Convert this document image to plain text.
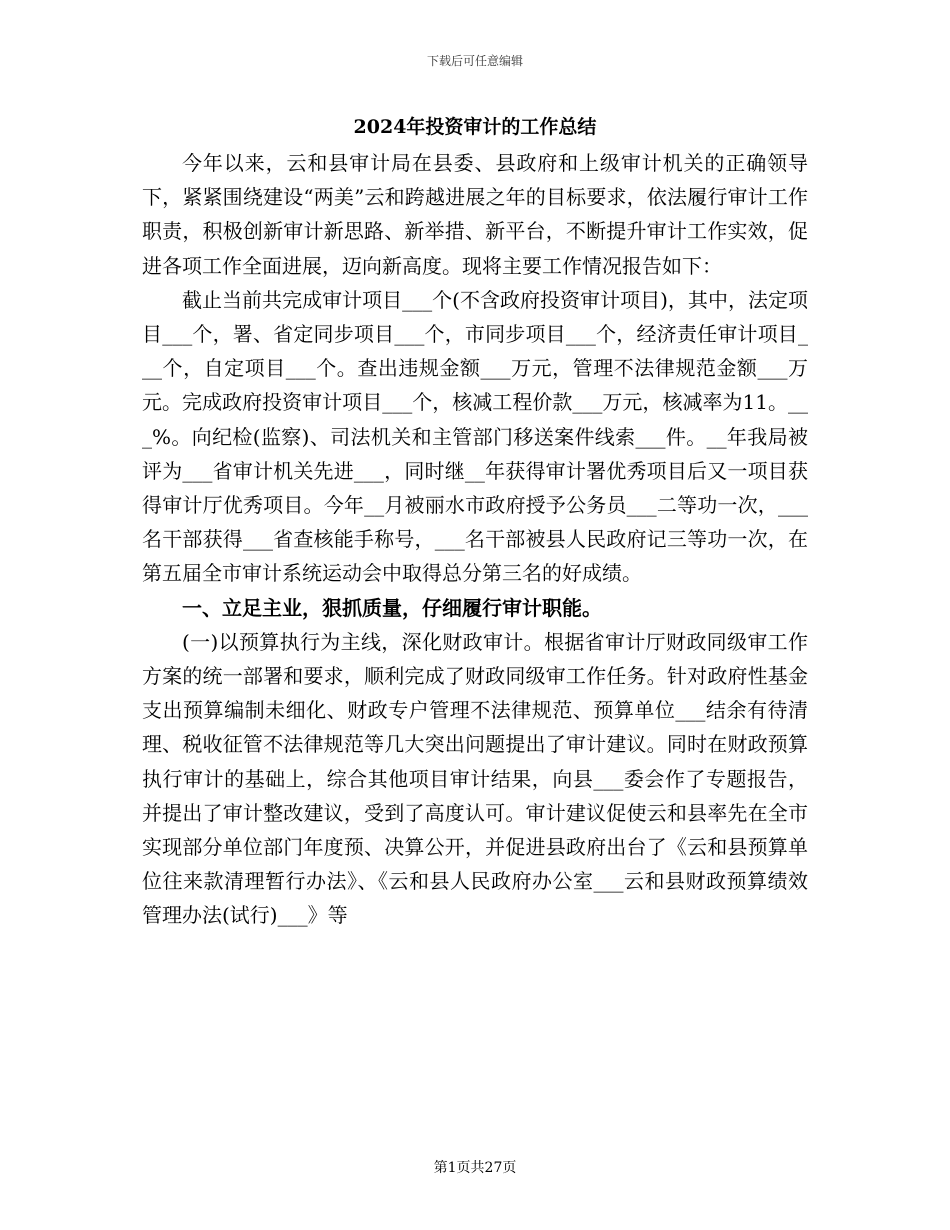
下载后可任意编辑
2024年投资审计的工作总结

今年以来，云和县审计局在县委、县政府和上级审计机关的正确领导下，紧紧围绕建设“两美”云和跨越进展之年的目标要求，依法履行审计工作职责，积极创新审计新思路、新举措、新平台，不断提升审计工作实效，促进各项工作全面进展，迈向新高度。现将主要工作情况报告如下：

截止当前共完成审计项目___个(不含政府投资审计项目)，其中，法定项目___个，署、省定同步项目___个，市同步项目___个，经济责任审计项目___个，自定项目___个。查出违规金额___万元，管理不法律规范金额___万元。完成政府投资审计项目___个，核减工程价款___万元，核减率为11。___%。向纪检(监察)、司法机关和主管部门移送案件线索___件。__年我局被评为___省审计机关先进___，同时继__年获得审计署优秀项目后又一项目获得审计厅优秀项目。今年__月被丽水市政府授予公务员___二等功一次，___名干部获得___省查核能手称号，___名干部被县人民政府记三等功一次，在第五届全市审计系统运动会中取得总分第三名的好成绩。

一、立足主业，狠抓质量，仔细履行审计职能。

(一)以预算执行为主线，深化财政审计。根据省审计厅财政同级审工作方案的统一部署和要求，顺利完成了财政同级审工作任务。针对政府性基金支出预算编制未细化、财政专户管理不法律规范、预算单位___结余有待清理、税收征管不法律规范等几大突出问题提出了审计建议。同时在财政预算执行审计的基础上，综合其他项目审计结果，向县___委会作了专题报告，并提出了审计整改建议，受到了高度认可。审计建议促使云和县率先在全市实现部分单位部门年度预、决算公开，并促进县政府出台了《云和县预算单位往来款清理暂行办法》、《云和县人民政府办公室___云和县财政预算绩效管理办法(试行)___》等

第1页共27页
